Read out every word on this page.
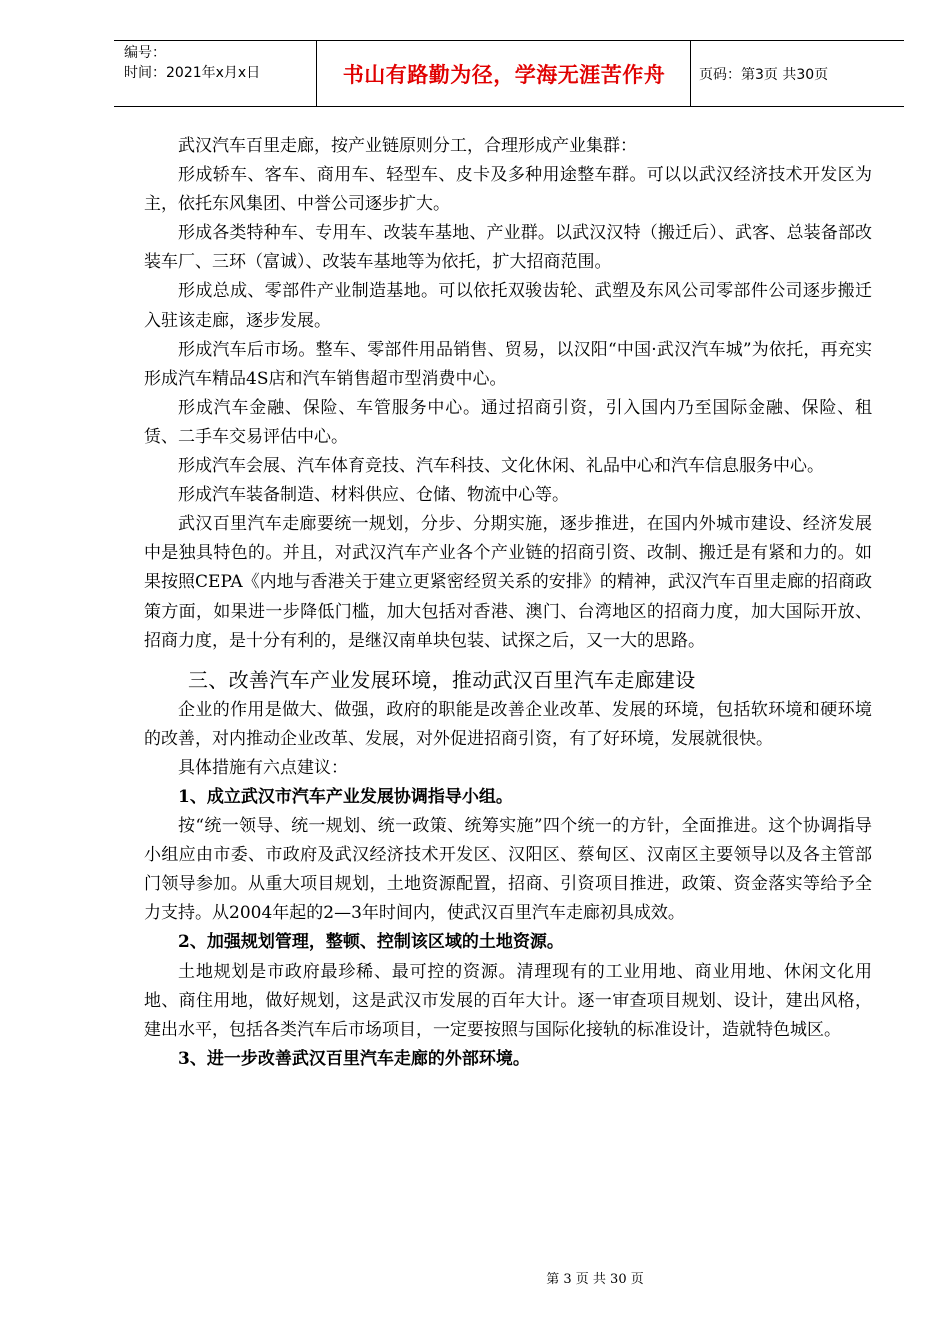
编号：
时间：2021年x月x日	书山有路勤为径，学海无涯苦作舟	页码：第3页 共30页

武汉汽车百里走廊，按产业链原则分工，合理形成产业集群：

形成轿车、客车、商用车、轻型车、皮卡及多种用途整车群。可以以武汉经济技术开发区为主，依托东风集团、中誉公司逐步扩大。

形成各类特种车、专用车、改装车基地、产业群。以武汉汉特（搬迁后）、武客、总装备部改装车厂、三环（富诚）、改装车基地等为依托，扩大招商范围。

形成总成、零部件产业制造基地。可以依托双骏齿轮、武塑及东风公司零部件公司逐步搬迁入驻该走廊，逐步发展。

形成汽车后市场。整车、零部件用品销售、贸易，以汉阳“中国·武汉汽车城”为依托，再充实形成汽车精品4S店和汽车销售超市型消费中心。

形成汽车金融、保险、车管服务中心。通过招商引资，引入国内乃至国际金融、保险、租赁、二手车交易评估中心。

形成汽车会展、汽车体育竞技、汽车科技、文化休闲、礼品中心和汽车信息服务中心。

形成汽车装备制造、材料供应、仓储、物流中心等。

武汉百里汽车走廊要统一规划，分步、分期实施，逐步推进，在国内外城市建设、经济发展中是独具特色的。并且，对武汉汽车产业各个产业链的招商引资、改制、搬迁是有紧和力的。如果按照CEPA《内地与香港关于建立更紧密经贸关系的安排》的精神，武汉汽车百里走廊的招商政策方面，如果进一步降低门槛，加大包括对香港、澳门、台湾地区的招商力度，加大国际开放、招商力度，是十分有利的，是继汉南单块包装、试探之后，又一大的思路。

三、改善汽车产业发展环境，推动武汉百里汽车走廊建设

企业的作用是做大、做强，政府的职能是改善企业改革、发展的环境，包括软环境和硬环境的改善，对内推动企业改革、发展，对外促进招商引资，有了好环境，发展就很快。

具体措施有六点建议：

1、成立武汉市汽车产业发展协调指导小组。

按“统一领导、统一规划、统一政策、统筹实施”四个统一的方针，全面推进。这个协调指导小组应由市委、市政府及武汉经济技术开发区、汉阳区、蔡甸区、汉南区主要领导以及各主管部门领导参加。从重大项目规划，土地资源配置，招商、引资项目推进，政策、资金落实等给予全力支持。从2004年起的2—3年时间内，使武汉百里汽车走廊初具成效。

2、加强规划管理，整顿、控制该区域的土地资源。

土地规划是市政府最珍稀、最可控的资源。清理现有的工业用地、商业用地、休闲文化用地、商住用地，做好规划，这是武汉市发展的百年大计。逐一审查项目规划、设计，建出风格，建出水平，包括各类汽车后市场项目，一定要按照与国际化接轨的标准设计，造就特色城区。

3、进一步改善武汉百里汽车走廊的外部环境。

第 3 页 共 30 页
